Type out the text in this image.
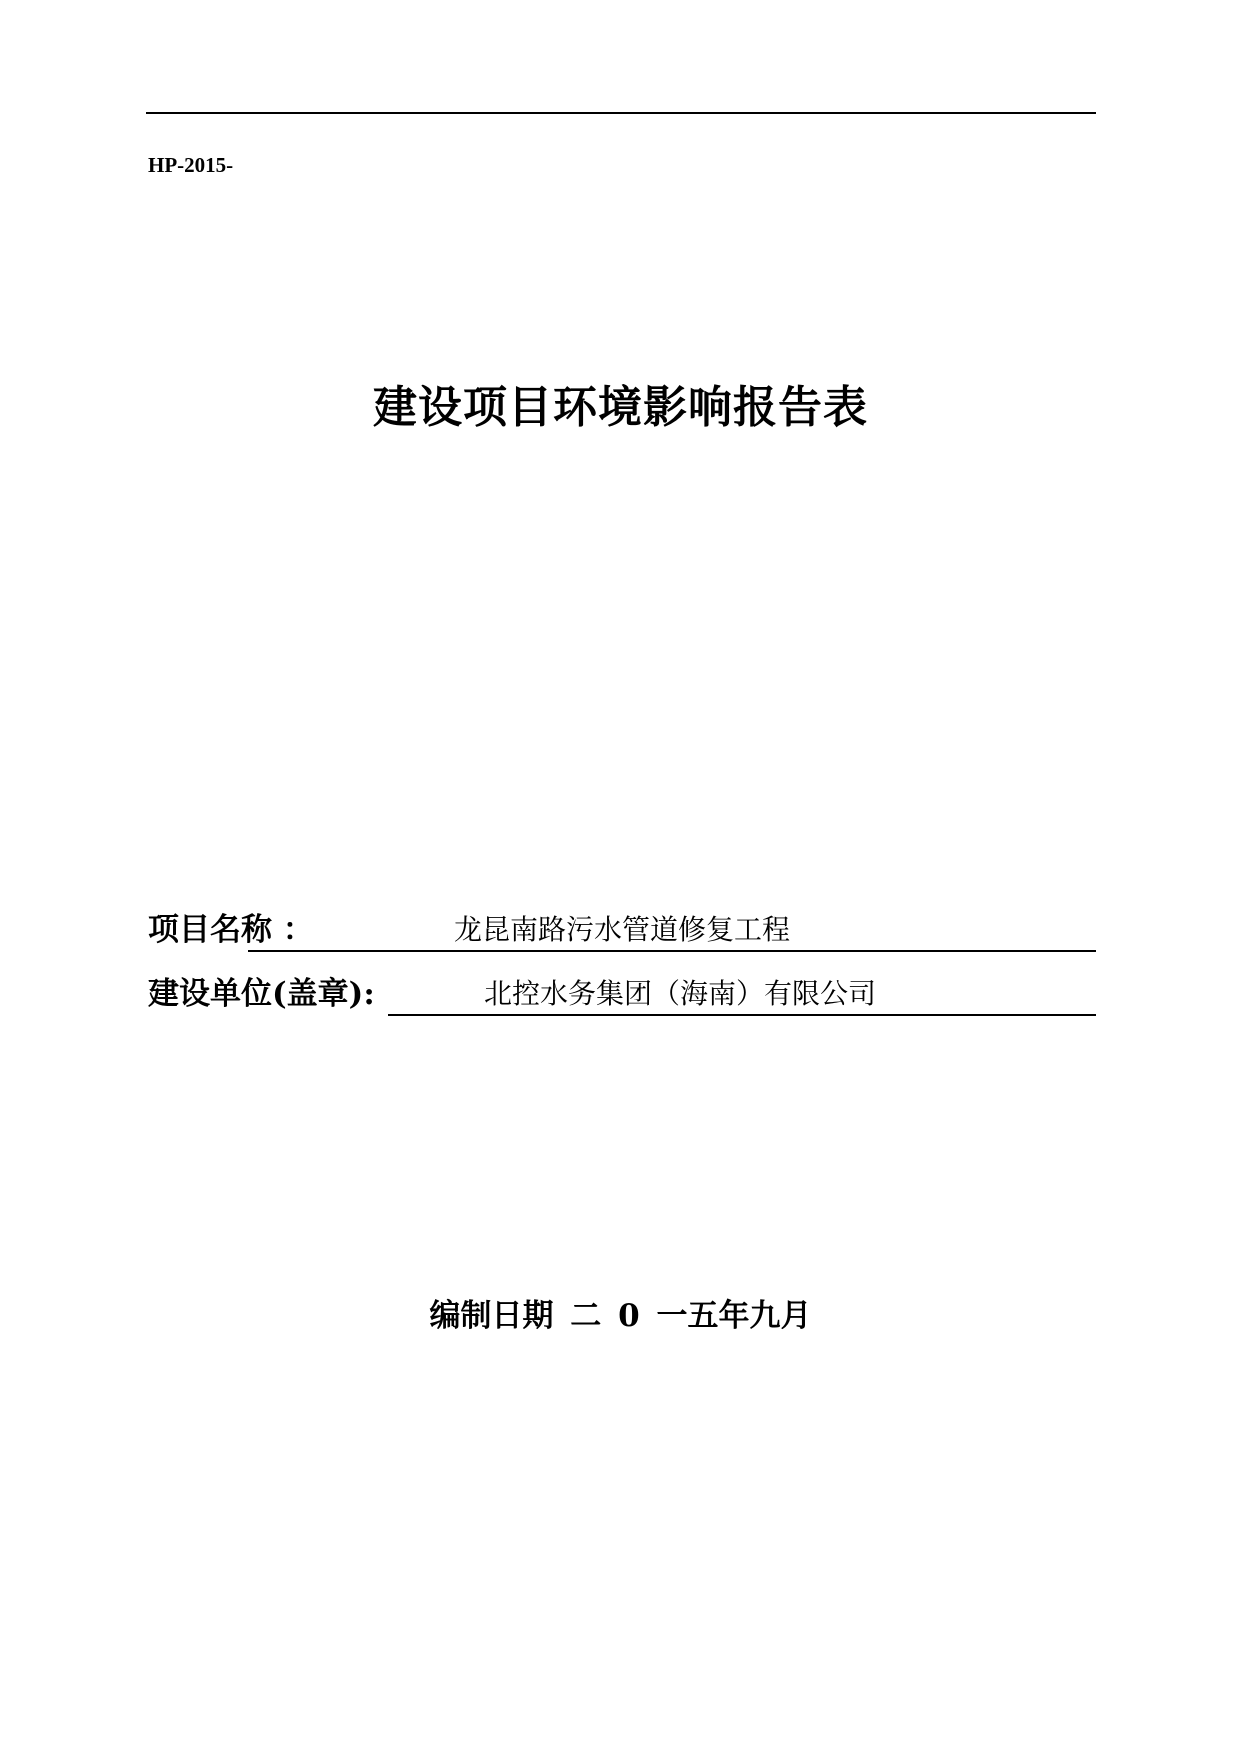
HP-2015-
建设项目环境影响报告表
项目名称 ：	龙昆南路污水管道修复工程
建设单位(盖章):	北控水务集团（海南）有限公司
编制日期 二 0 一五年九月
